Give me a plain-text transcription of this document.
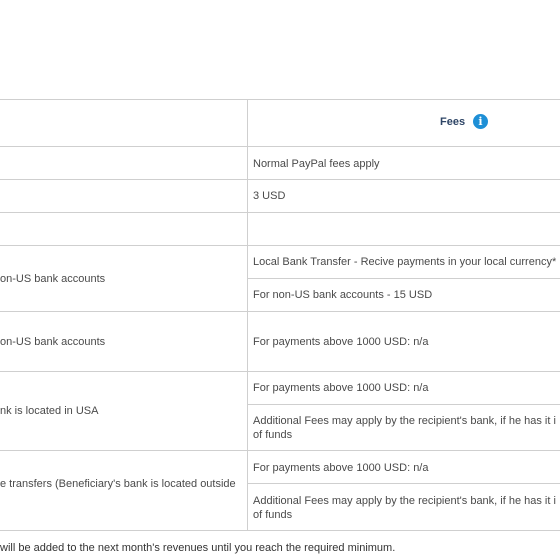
Fees	i
Normal PayPal fees apply
3 USD
Local Bank Transfer - Recive payments in your local currency*
For non-US bank accounts - 15 USD
For payments above 1000 USD: n/a
For payments above 1000 USD: n/a
Additional Fees may apply by the recipient's bank, if he has it i
of funds
For payments above 1000 USD: n/a
Additional Fees may apply by the recipient's bank, if he has it i
of funds
on-US bank accounts
on-US bank accounts
nk is located in USA
e transfers (Beneficiary's bank is located outside
will be added to the next month's revenues until you reach the required minimum.
